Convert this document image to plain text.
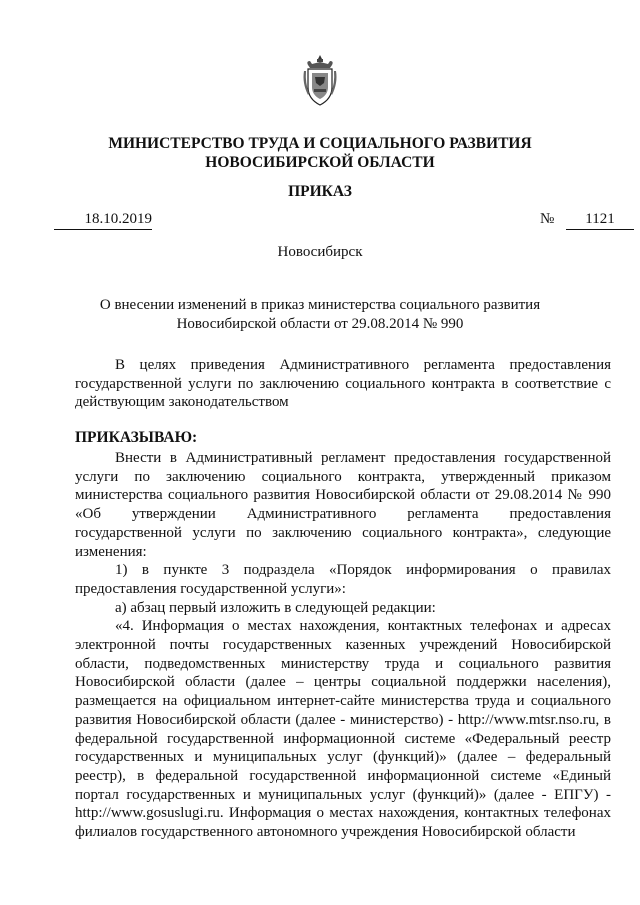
МИНИСТЕРСТВО ТРУДА И СОЦИАЛЬНОГО РАЗВИТИЯ
НОВОСИБИРСКОЙ ОБЛАСТИ
ПРИКАЗ
18.10.2019	№	1121
Новосибирск
О внесении изменений в приказ министерства социального развития
Новосибирской области от 29.08.2014 № 990

В целях приведения Административного регламента предоставления государственной услуги по заключению социального контракта в соответствие с действующим законодательством

ПРИКАЗЫВАЮ:

Внести в Административный регламент предоставления государственной услуги по заключению социального контракта, утвержденный приказом министерства социального развития Новосибирской области от 29.08.2014 № 990 «Об утверждении Административного регламента предоставления государственной услуги по заключению социального контракта», следующие изменения:

1) в пункте 3 подраздела «Порядок информирования о правилах предоставления государственной услуги»:

а) абзац первый изложить в следующей редакции:

«4. Информация о местах нахождения, контактных телефонах и адресах электронной почты государственных казенных учреждений Новосибирской области, подведомственных министерству труда и социального развития Новосибирской области (далее – центры социальной поддержки населения), размещается на официальном интернет-сайте министерства труда и социального развития Новосибирской области (далее - министерство) - http://www.mtsr.nso.ru, в федеральной государственной информационной системе «Федеральный реестр государственных и муниципальных услуг (функций)» (далее – федеральный реестр), в федеральной государственной информационной системе «Единый портал государственных и муниципальных услуг (функций)» (далее - ЕПГУ) - http://www.gosuslugi.ru. Информация о местах нахождения, контактных телефонах филиалов государственного автономного учреждения Новосибирской области
